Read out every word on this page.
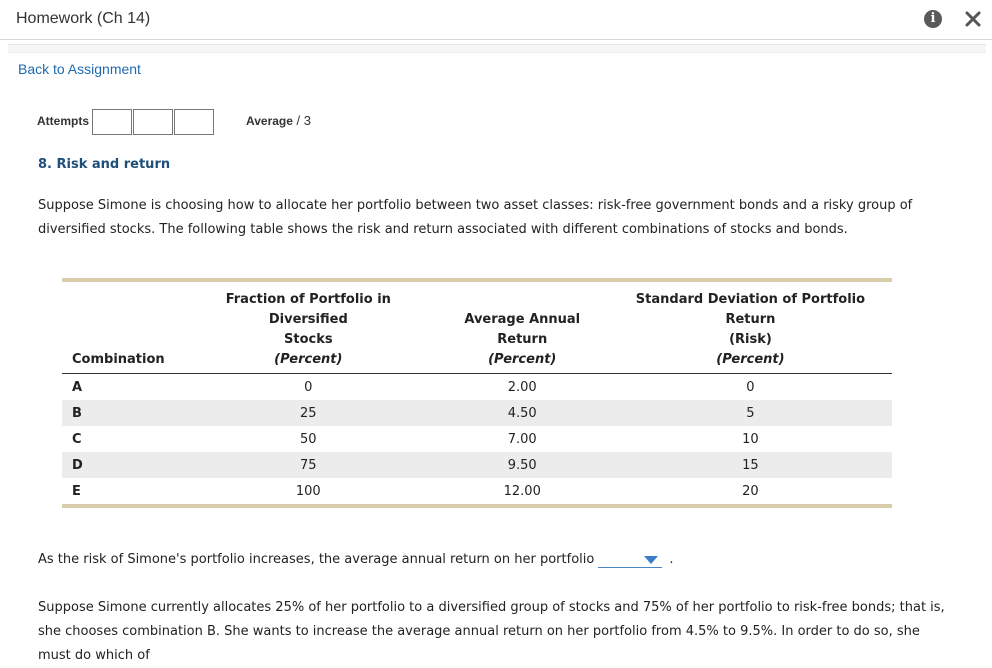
Homework (Ch 14)	i
Back to Assignment
Attempts	Average / 3
8. Risk and return
Suppose Simone is choosing how to allocate her portfolio between two asset classes: risk-free government bonds and a risky group of diversified stocks. The following table shows the risk and return associated with different combinations of stocks and bonds.
	Fraction of Portfolio in Diversified	Average Annual	Standard Deviation of Portfolio Return
	Stocks	Return	(Risk)
Combination	(Percent)	(Percent)	(Percent)
A	0	2.00	0
B	25	4.50	5
C	50	7.00	10
D	75	9.50	15
E	100	12.00	20
As the risk of Simone's portfolio increases, the average annual return on her portfolio	.
Suppose Simone currently allocates 25% of her portfolio to a diversified group of stocks and 75% of her portfolio to risk-free bonds; that is, she chooses combination B. She wants to increase the average annual return on her portfolio from 4.5% to 9.5%. In order to do so, she must do which of
